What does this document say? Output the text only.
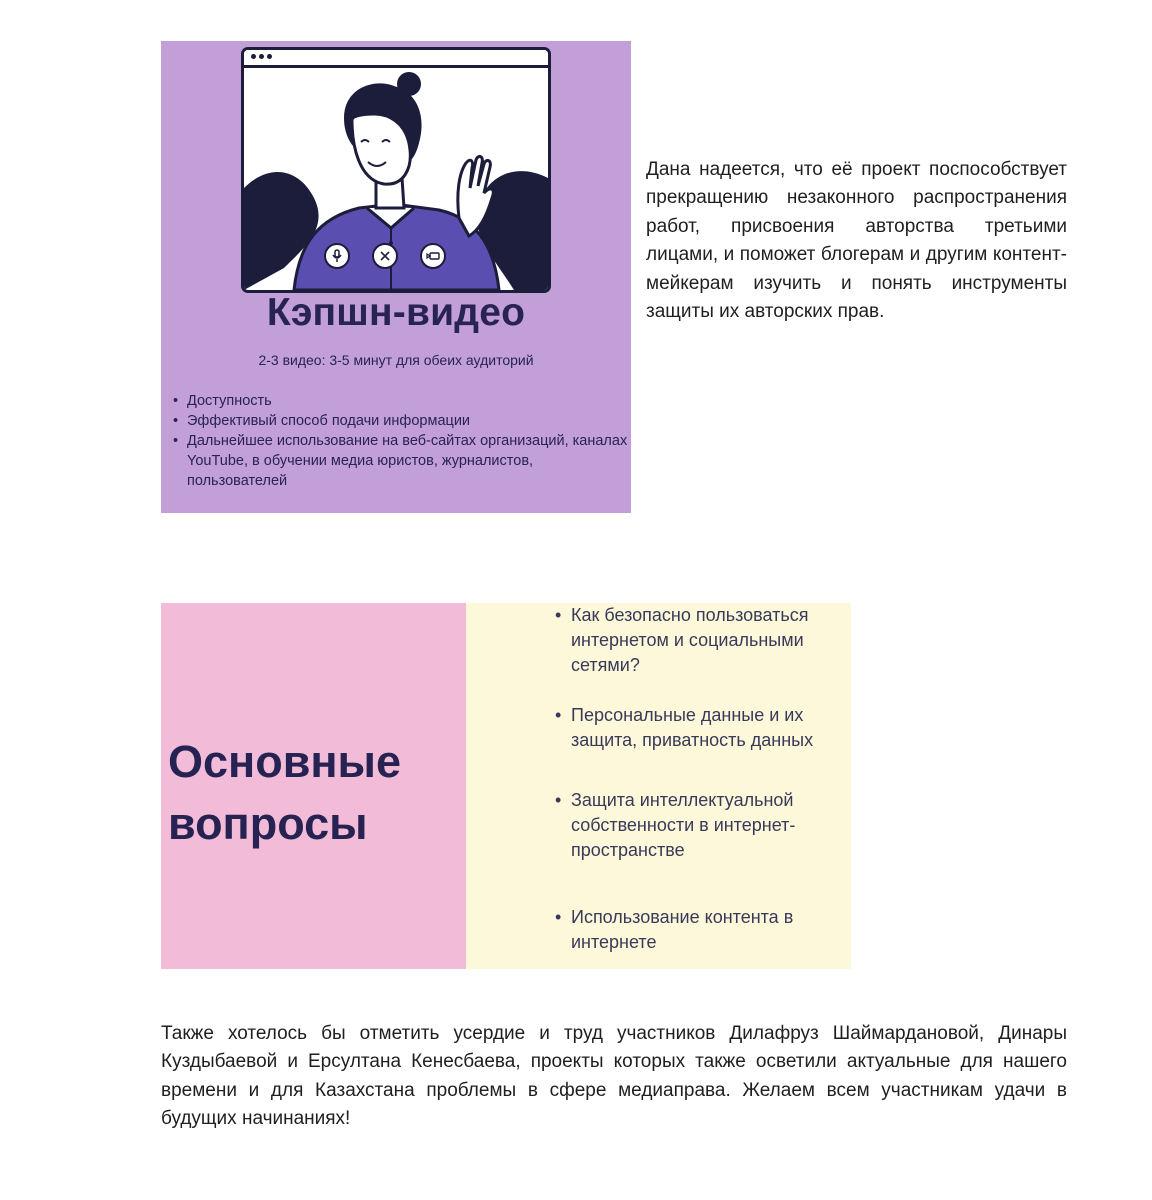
Кэпшн-видео
2-3 видео: 3-5 минут для обеих аудиторий
• Доступность
• Эффективый способ подачи информации
• Дальнейшее использование на веб-сайтах организаций, каналах YouTube, в обучении медиа юристов, журналистов, пользователей

Дана надеется, что её проект поспособствует прекращению незаконного распространения работ, присвоения авторства третьими лицами, и поможет блогерам и другим контент-мейкерам изучить и понять инструменты защиты их авторских прав.

Основные вопросы
• Как безопасно пользоваться интернетом и социальными сетями?
• Персональные данные и их защита, приватность данных
• Защита интеллектуальной собственности в интернет-пространстве
• Использование контента в интернете

Также хотелось бы отметить усердие и труд участников Дилафруз Шаймардановой, Динары Куздыбаевой и Ерсултана Кенесбаева, проекты которых также осветили актуальные для нашего времени и для Казахстана проблемы в сфере медиаправа. Желаем всем участникам удачи в будущих начинаниях!
